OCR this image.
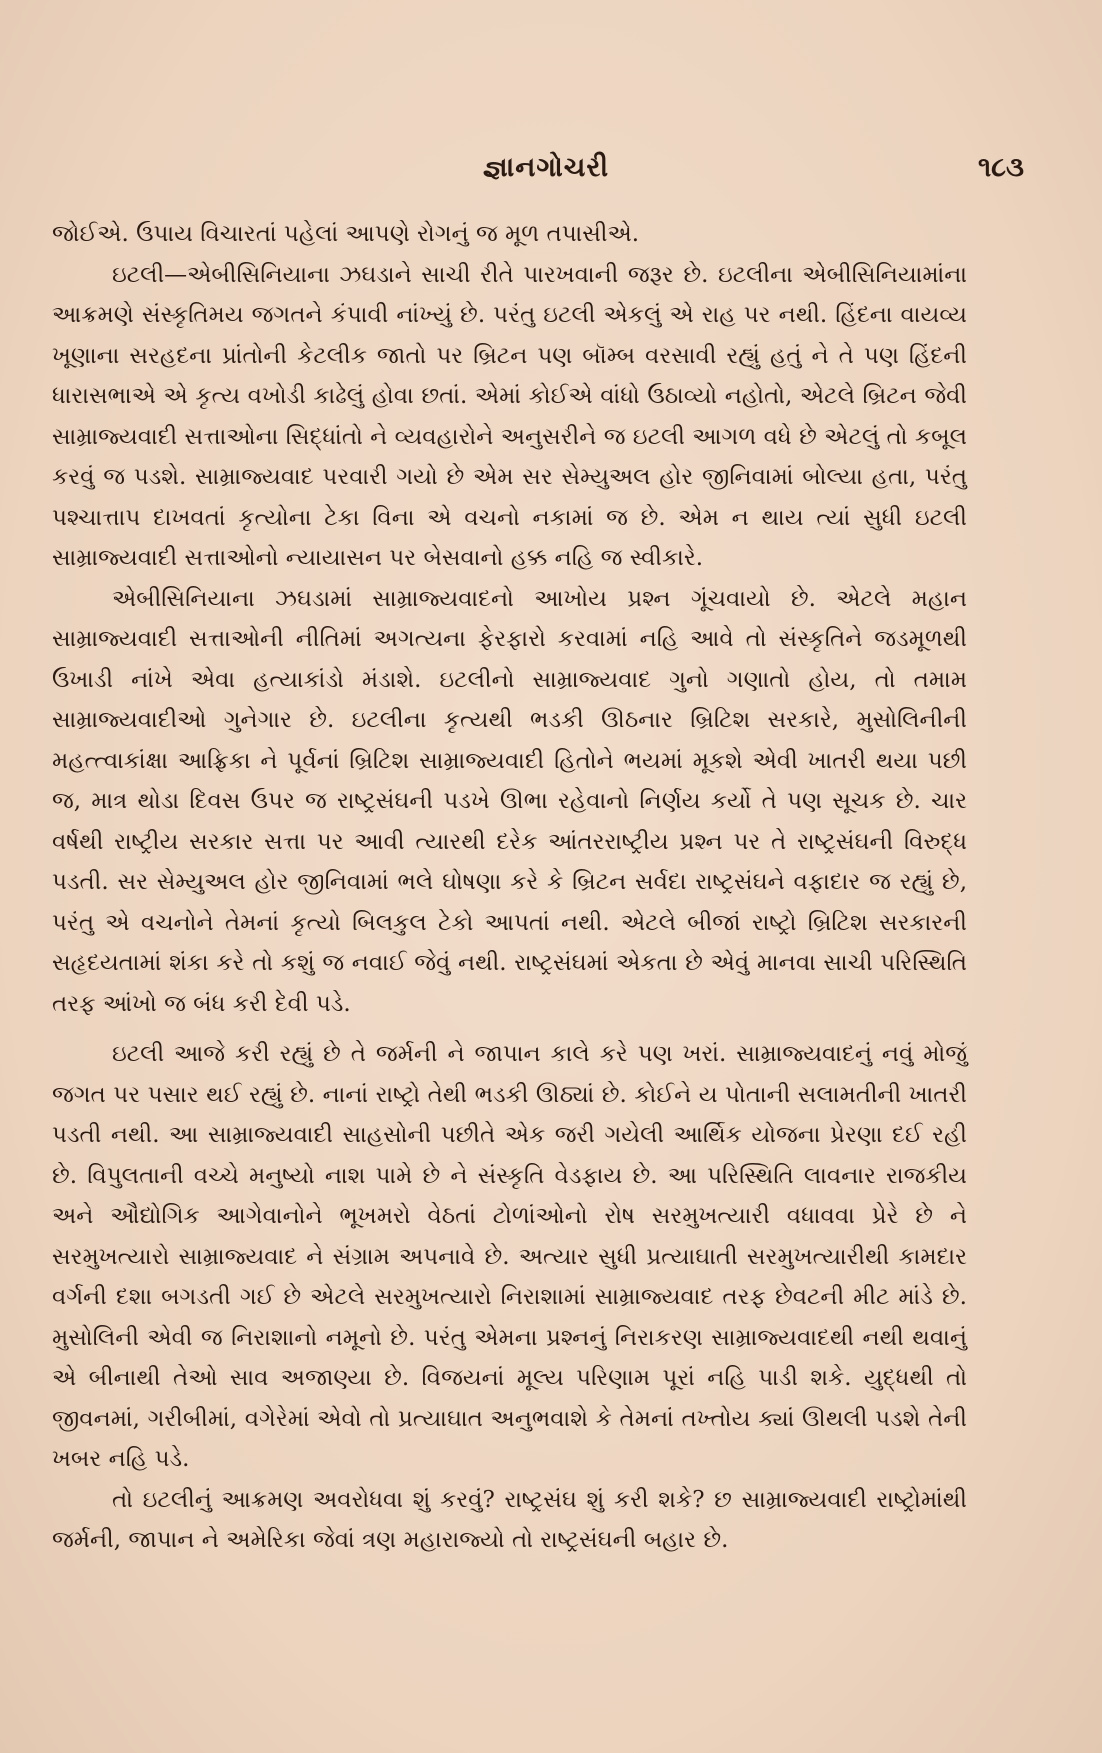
જ્ઞાનગોચરી	૧૮૩

જોઈએ. ઉપાય વિચારતાં પહેલાં આપણે રોગનું જ મૂળ તપાસીએ.

ઇટલી—એબીસિનિયાના ઝઘડાને સાચી રીતે પારખવાની જરૂર છે. ઇટલીના એબીસિનિયામાંના આક્રમણે સંસ્કૃતિમય જગતને કંપાવી નાંખ્યું છે. પરંતુ ઇટલી એકલું એ રાહ પર નથી. હિંદના વાયવ્ય ખૂણાના સરહદના પ્રાંતોની કેટલીક જાતો પર બ્રિટન પણ બૉમ્બ વરસાવી રહ્યું હતું ને તે પણ હિંદની ધારાસભાએ એ કૃત્ય વખોડી કાઢેલું હોવા છતાં. એમાં કોઈએ વાંધો ઉઠાવ્યો નહોતો, એટલે બ્રિટન જેવી સામ્રાજ્યવાદી સત્તાઓના સિદ્ધાંતો ને વ્યવહારોને અનુસરીને જ ઇટલી આગળ વધે છે એટલું તો કબૂલ કરવું જ પડશે. સામ્રાજ્યવાદ પરવારી ગયો છે એમ સર સેમ્યુઅલ હોર જીનિવામાં બોલ્યા હતા, પરંતુ પશ્ચાત્તાપ દાખવતાં કૃત્યોના ટેકા વિના એ વચનો નકામાં જ છે. એમ ન થાય ત્યાં સુધી ઇટલી સામ્રાજ્યવાદી સત્તાઓનો ન્યાયાસન પર બેસવાનો હક્ક નહિ જ સ્વીકારે.

એબીસિનિયાના ઝઘડામાં સામ્રાજ્યવાદનો આખોય પ્રશ્ન ગૂંચવાયો છે. એટલે મહાન સામ્રાજ્યવાદી સત્તાઓની નીતિમાં અગત્યના ફેરફારો કરવામાં નહિ આવે તો સંસ્કૃતિને જડમૂળથી ઉખાડી નાંખે એવા હત્યાકાંડો મંડાશે. ઇટલીનો સામ્રાજ્યવાદ ગુનો ગણાતો હોય, તો તમામ સામ્રાજ્યવાદીઓ ગુનેગાર છે. ઇટલીના કૃત્યથી ભડકી ઊઠનાર બ્રિટિશ સરકારે, મુસોલિનીની મહત્ત્વાકાંક્ષા આફ્રિકા ને પૂર્વનાં બ્રિટિશ સામ્રાજ્યવાદી હિતોને ભયમાં મૂકશે એવી ખાતરી થયા પછી જ, માત્ર થોડા દિવસ ઉપર જ રાષ્ટ્રસંઘની પડખે ઊભા રહેવાનો નિર્ણય કર્યો તે પણ સૂચક છે. ચાર વર્ષથી રાષ્ટ્રીય સરકાર સત્તા પર આવી ત્યારથી દરેક આંતરરાષ્ટ્રીય પ્રશ્ન પર તે રાષ્ટ્રસંઘની વિરુદ્ધ પડતી. સર સેમ્યુઅલ હોર જીનિવામાં ભલે ઘોષણા કરે કે બ્રિટન સર્વદા રાષ્ટ્રસંઘને વફાદાર જ રહ્યું છે, પરંતુ એ વચનોને તેમનાં કૃત્યો બિલકુલ ટેકો આપતાં નથી. એટલે બીજાં રાષ્ટ્રો બ્રિટિશ સરકારની સહૃદયતામાં શંકા કરે તો કશું જ નવાઈ જેવું નથી. રાષ્ટ્રસંઘમાં એકતા છે એવું માનવા સાચી પરિસ્થિતિ તરફ આંખો જ બંધ કરી દેવી પડે.

ઇટલી આજે કરી રહ્યું છે તે જર્મની ને જાપાન કાલે કરે પણ ખરાં. સામ્રાજ્યવાદનું નવું મોજું જગત પર પસાર થઈ રહ્યું છે. નાનાં રાષ્ટ્રો તેથી ભડકી ઊઠ્યાં છે. કોઈને ય પોતાની સલામતીની ખાતરી પડતી નથી. આ સામ્રાજ્યવાદી સાહસોની પછીતે એક જરી ગયેલી આર્થિક યોજના પ્રેરણા દઈ રહી છે. વિપુલતાની વચ્ચે મનુષ્યો નાશ પામે છે ને સંસ્કૃતિ વેડફાય છે. આ પરિસ્થિતિ લાવનાર રાજકીય અને ઔદ્યોગિક આગેવાનોને ભૂખમરો વેઠતાં ટોળાંઓનો રોષ સરમુખત્યારી વધાવવા પ્રેરે છે ને સરમુખત્યારો સામ્રાજ્યવાદ ને સંગ્રામ અપનાવે છે. અત્યાર સુધી પ્રત્યાઘાતી સરમુખત્યારીથી કામદાર વર્ગની દશા બગડતી ગઈ છે એટલે સરમુખત્યારો નિરાશામાં સામ્રાજ્યવાદ તરફ છેવટની મીટ માંડે છે. મુસોલિની એવી જ નિરાશાનો નમૂનો છે. પરંતુ એમના પ્રશ્નનું નિરાકરણ સામ્રાજ્યવાદથી નથી થવાનું એ બીનાથી તેઓ સાવ અજાણ્યા છે. વિજયનાં મૂલ્ય પરિણામ પૂરાં નહિ પાડી શકે. યુદ્ધથી તો જીવનમાં, ગરીબીમાં, વગેરેમાં એવો તો પ્રત્યાઘાત અનુભવાશે કે તેમનાં તખ્તોય ક્યાં ઊથલી પડશે તેની ખબર નહિ પડે.

તો ઇટલીનું આક્રમણ અવરોધવા શું કરવું? રાષ્ટ્રસંઘ શું કરી શકે? છ સામ્રાજ્યવાદી રાષ્ટ્રોમાંથી જર્મની, જાપાન ને અમેરિકા જેવાં ત્રણ મહારાજ્યો તો રાષ્ટ્રસંઘની બહાર છે.
